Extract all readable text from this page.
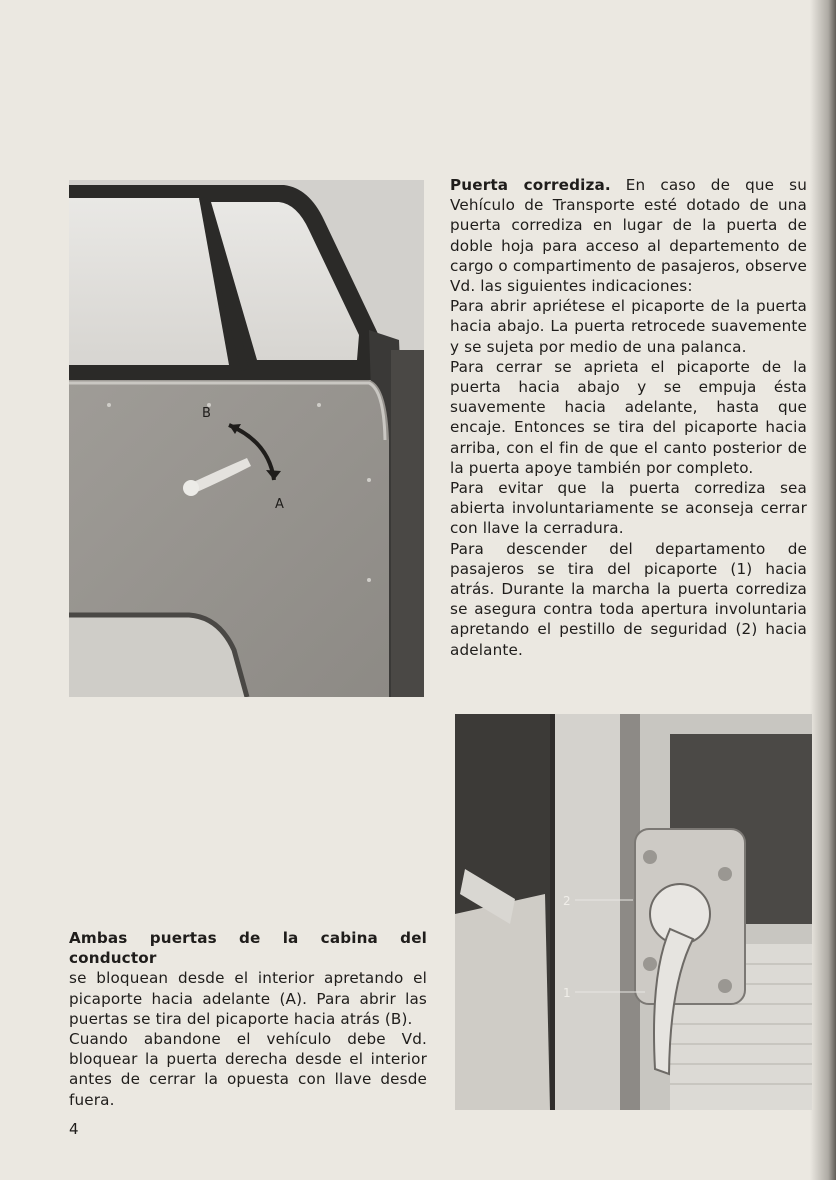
B
A
2
1

Puerta corrediza. En caso de que su Vehículo de Transporte esté dotado de una puerta corrediza en lugar de la puerta de doble hoja para acceso al departemento de cargo o compartimento de pasajeros, observe Vd. las siguientes indicaciones:

Para abrir apriétese el picaporte de la puerta hacia abajo. La puerta retrocede suavemente y se sujeta por medio de una palanca.

Para cerrar se aprieta el picaporte de la puerta hacia abajo y se empuja ésta suavemente hacia adelante, hasta que encaje. Entonces se tira del picaporte hacia arriba, con el fin de que el canto posterior de la puerta apoye también por completo.

Para evitar que la puerta corrediza sea abierta involuntariamente se aconseja cerrar con llave la cerradura.

Para descender del departamento de pasajeros se tira del picaporte (1) hacia atrás. Durante la marcha la puerta corrediza se asegura contra toda apertura involuntaria apretando el pestillo de seguridad (2) hacia adelante.

Ambas puertas de la cabina del conductor
se bloquean desde el interior apretando el picaporte hacia adelante (A). Para abrir las puertas se tira del picaporte hacia atrás (B).

Cuando abandone el vehículo debe Vd. bloquear la puerta derecha desde el interior antes de cerrar la opuesta con llave desde fuera.

4
